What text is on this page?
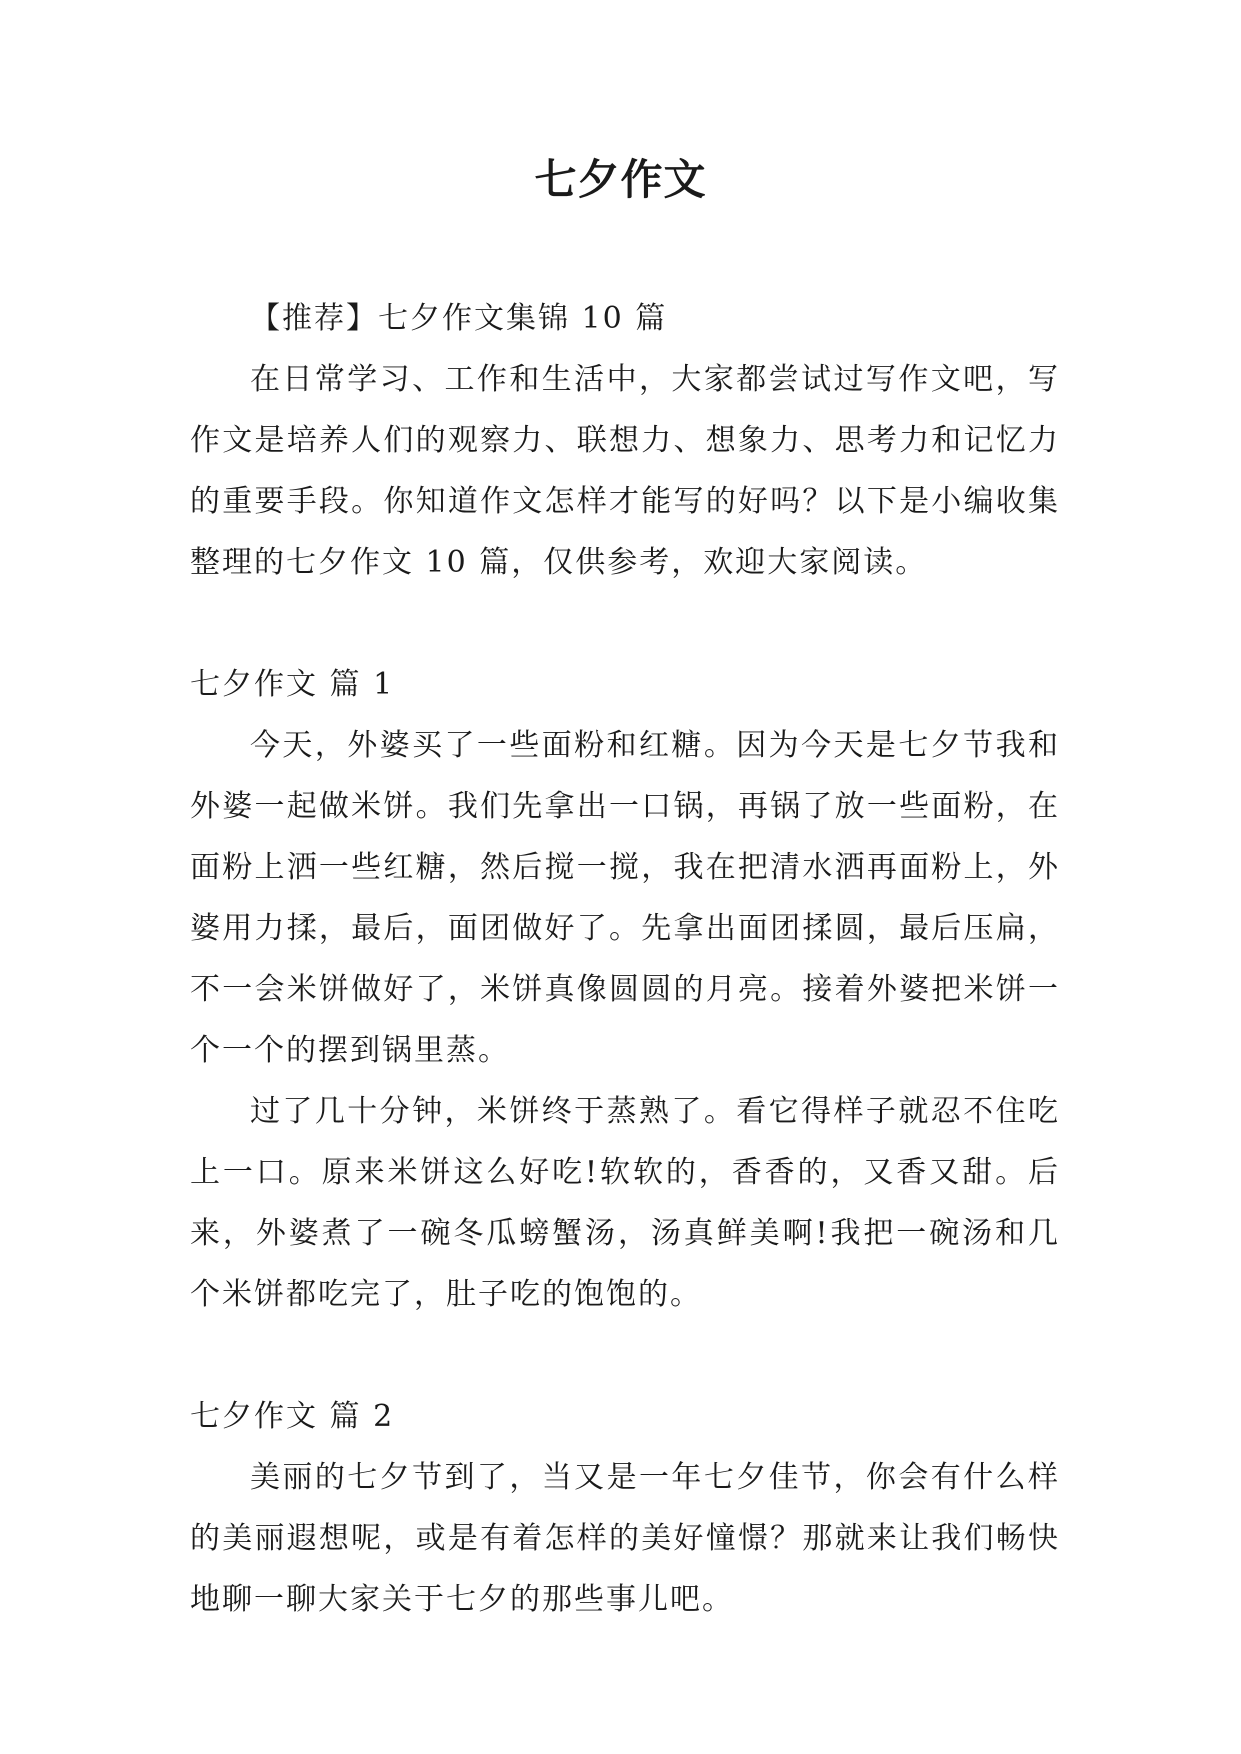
七夕作文

【推荐】七夕作文集锦 10 篇

在日常学习、工作和生活中，大家都尝试过写作文吧，写作文是培养人们的观察力、联想力、想象力、思考力和记忆力的重要手段。你知道作文怎样才能写的好吗？以下是小编收集整理的七夕作文 10 篇，仅供参考，欢迎大家阅读。

七夕作文 篇 1

今天，外婆买了一些面粉和红糖。因为今天是七夕节我和外婆一起做米饼。我们先拿出一口锅，再锅了放一些面粉，在面粉上洒一些红糖，然后搅一搅，我在把清水洒再面粉上，外婆用力揉，最后，面团做好了。先拿出面团揉圆，最后压扁，不一会米饼做好了，米饼真像圆圆的月亮。接着外婆把米饼一个一个的摆到锅里蒸。

过了几十分钟，米饼终于蒸熟了。看它得样子就忍不住吃上一口。原来米饼这么好吃!软软的，香香的，又香又甜。后来，外婆煮了一碗冬瓜螃蟹汤，汤真鲜美啊!我把一碗汤和几个米饼都吃完了，肚子吃的饱饱的。

七夕作文 篇 2

美丽的七夕节到了，当又是一年七夕佳节，你会有什么样的美丽遐想呢，或是有着怎样的美好憧憬？那就来让我们畅快地聊一聊大家关于七夕的那些事儿吧。
